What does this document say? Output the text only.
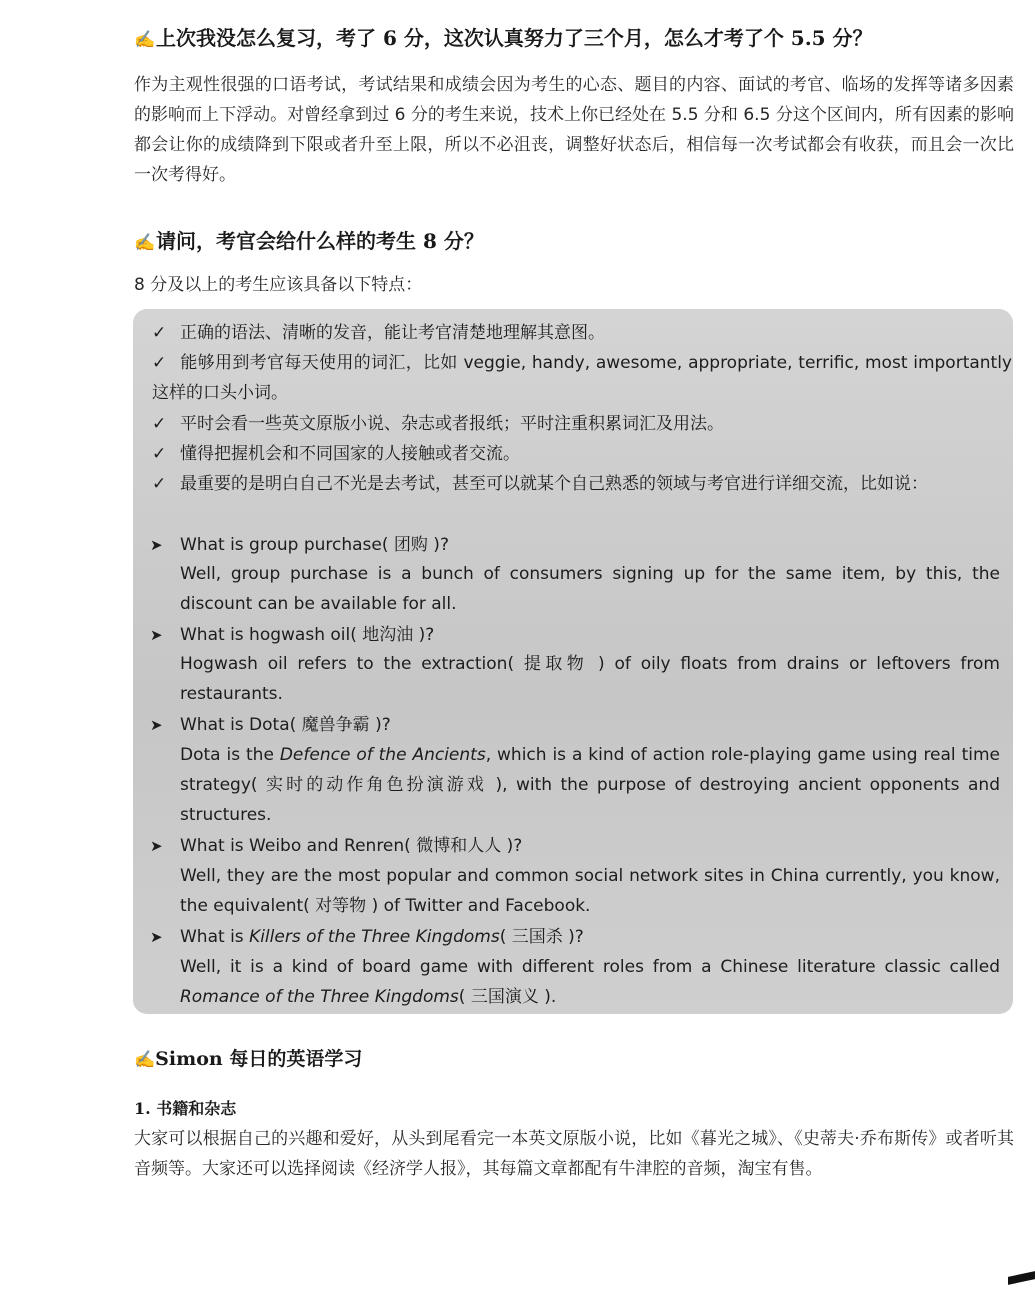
✍上次我没怎么复习，考了 6 分，这次认真努力了三个月，怎么才考了个 5.5 分？
作为主观性很强的口语考试，考试结果和成绩会因为考生的心态、题目的内容、面试的考官、临场的发挥等诸多因素的影响而上下浮动。对曾经拿到过 6 分的考生来说，技术上你已经处在 5.5 分和 6.5 分这个区间内，所有因素的影响都会让你的成绩降到下限或者升至上限，所以不必沮丧，调整好状态后，相信每一次考试都会有收获，而且会一次比一次考得好。
✍请问，考官会给什么样的考生 8 分？
8 分及以上的考生应该具备以下特点：
✓ 正确的语法、清晰的发音，能让考官清楚地理解其意图。
✓ 能够用到考官每天使用的词汇，比如 veggie, handy, awesome, appropriate, terrific, most importantly 这样的口头小词。
✓ 平时会看一些英文原版小说、杂志或者报纸；平时注重积累词汇及用法。
✓ 懂得把握机会和不同国家的人接触或者交流。
✓ 最重要的是明白自己不光是去考试，甚至可以就某个自己熟悉的领域与考官进行详细交流，比如说：
➤ What is group purchase( 团购 )?
Well, group purchase is a bunch of consumers signing up for the same item, by this, the discount can be available for all.
➤ What is hogwash oil( 地沟油 )?
Hogwash oil refers to the extraction( 提取物 ) of oily floats from drains or leftovers from restaurants.
➤ What is Dota( 魔兽争霸 )?
Dota is the Defence of the Ancients, which is a kind of action role-playing game using real time strategy( 实时的动作角色扮演游戏 ), with the purpose of destroying ancient opponents and structures.
➤ What is Weibo and Renren( 微博和人人 )?
Well, they are the most popular and common social network sites in China currently, you know, the equivalent( 对等物 ) of Twitter and Facebook.
➤ What is Killers of the Three Kingdoms( 三国杀 )?
Well, it is a kind of board game with different roles from a Chinese literature classic called Romance of the Three Kingdoms( 三国演义 ).
✍Simon 每日的英语学习
1. 书籍和杂志
大家可以根据自己的兴趣和爱好，从头到尾看完一本英文原版小说，比如《暮光之城》、《史蒂夫·乔布斯传》或者听其音频等。大家还可以选择阅读《经济学人报》，其每篇文章都配有牛津腔的音频，淘宝有售。
